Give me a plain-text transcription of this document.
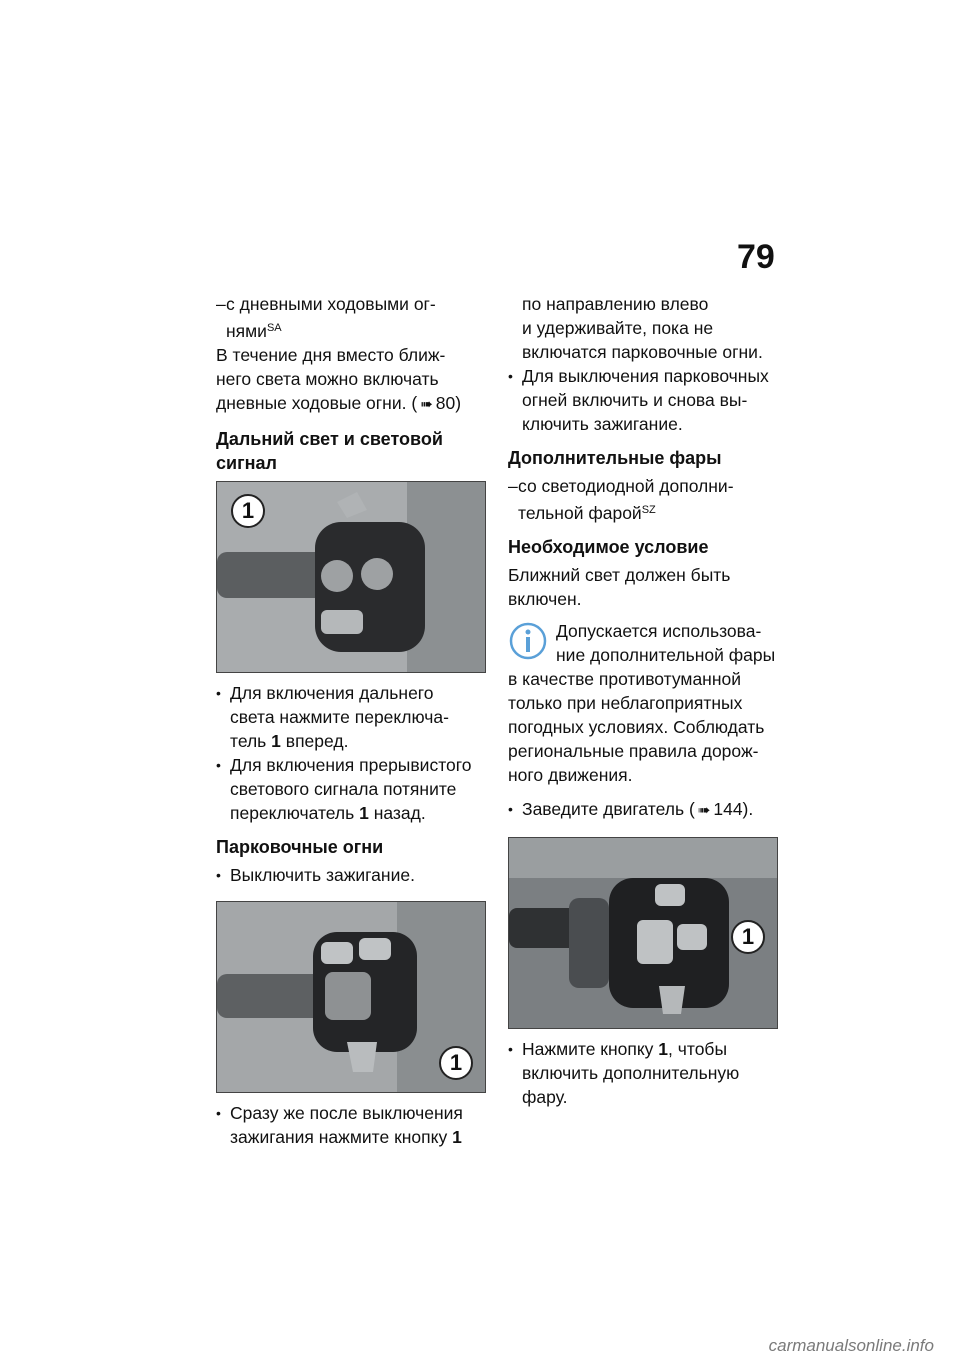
79
– с дневными ходовыми ог-
нями$^{SA}$
В течение дня вместо ближ-
него света можно включать
дневные ходовые огни. ( ➠ 80)
Дальний свет и световой
сигнал
1
• Для включения дальнего
света нажмите переключа-
тель 1 вперед.
• Для включения прерывистого
светового сигнала потяните
переключатель 1 назад.
Парковочные огни
• Выключить зажигание.
1
• Сразу же после выключения
зажигания нажмите кнопку 1
по направлению влево
и удерживайте, пока не
включатся парковочные огни.
• Для выключения парковочных
огней включить и снова вы-
ключить зажигание.
Дополнительные фары
– со светодиодной дополни-
тельной фарой$^{SZ}$
Необходимое условие
Ближний свет должен быть
включен.
Допускается использова-
ние дополнительной фары
в качестве противотуманной
только при неблагоприятных
погодных условиях. Соблюдать
региональные правила дорож-
ного движения.
• Заведите двигатель ( ➠ 144).
1
• Нажмите кнопку 1, чтобы
включить дополнительную
фару.
carmanualsonline.info
